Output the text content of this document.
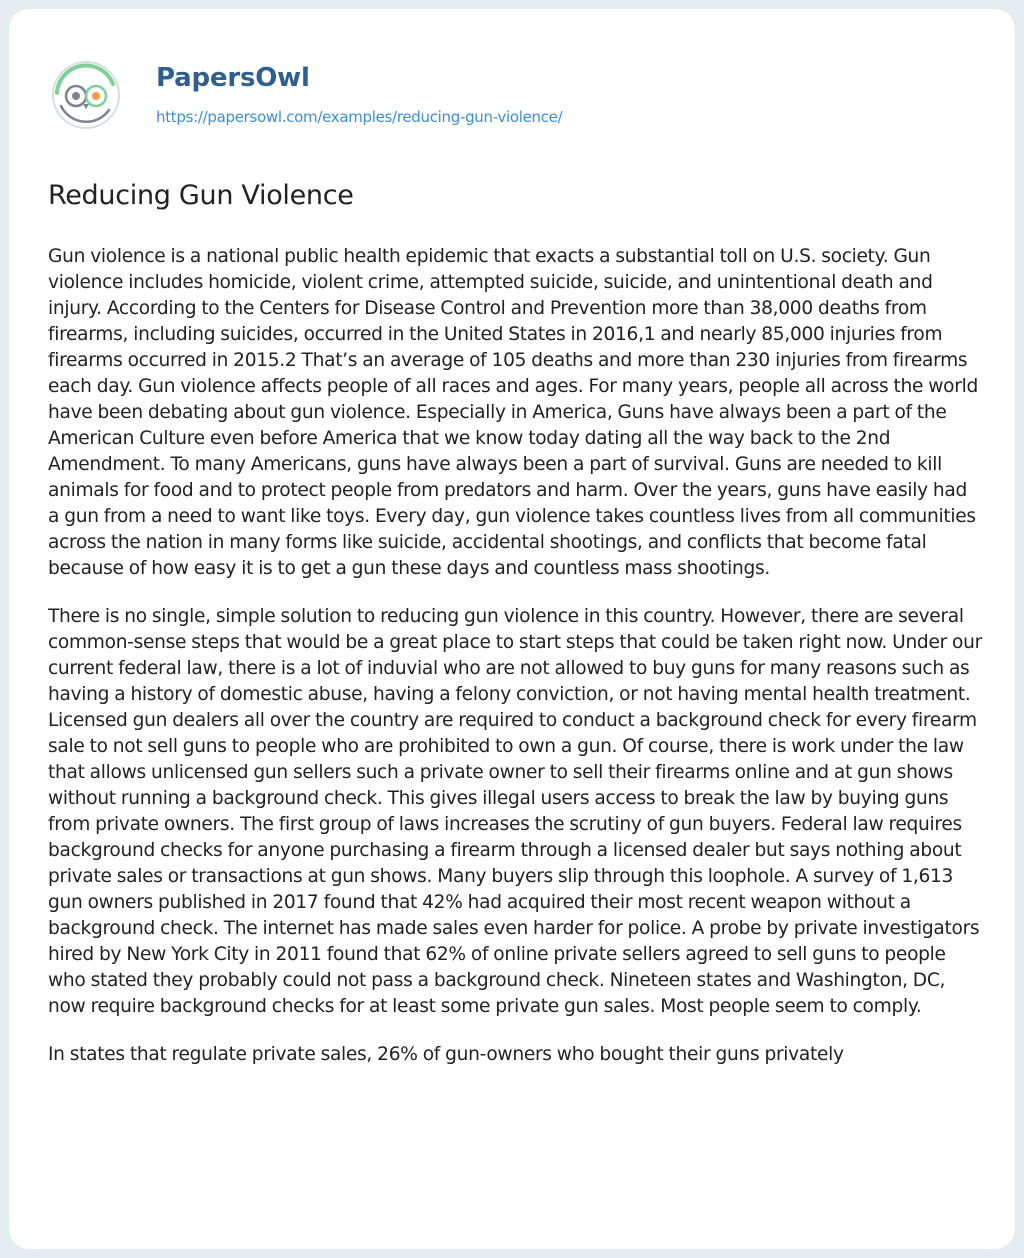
PapersOwl
https://papersowl.com/examples/reducing-gun-violence/
Reducing Gun Violence

Gun violence is a national public health epidemic that exacts a substantial toll on U.S. society. Gun violence includes homicide, violent crime, attempted suicide, suicide, and unintentional death and injury. According to the Centers for Disease Control and Prevention more than 38,000 deaths from firearms, including suicides, occurred in the United States in 2016,1 and nearly 85,000 injuries from firearms occurred in 2015.2 That’s an average of 105 deaths and more than 230 injuries from firearms each day. Gun violence affects people of all races and ages. For many years, people all across the world have been debating about gun violence. Especially in America, Guns have always been a part of the American Culture even before America that we know today dating all the way back to the 2nd Amendment. To many Americans, guns have always been a part of survival. Guns are needed to kill animals for food and to protect people from predators and harm. Over the years, guns have easily had a gun from a need to want like toys. Every day, gun violence takes countless lives from all communities across the nation in many forms like suicide, accidental shootings, and conflicts that become fatal because of how easy it is to get a gun these days and countless mass shootings.

There is no single, simple solution to reducing gun violence in this country. However, there are several common-sense steps that would be a great place to start steps that could be taken right now. Under our current federal law, there is a lot of induvial who are not allowed to buy guns for many reasons such as having a history of domestic abuse, having a felony conviction, or not having mental health treatment. Licensed gun dealers all over the country are required to conduct a background check for every firearm sale to not sell guns to people who are prohibited to own a gun. Of course, there is work under the law that allows unlicensed gun sellers such a private owner to sell their firearms online and at gun shows without running a background check. This gives illegal users access to break the law by buying guns from private owners. The first group of laws increases the scrutiny of gun buyers. Federal law requires background checks for anyone purchasing a firearm through a licensed dealer but says nothing about private sales or transactions at gun shows. Many buyers slip through this loophole. A survey of 1,613 gun owners published in 2017 found that 42% had acquired their most recent weapon without a background check. The internet has made sales even harder for police. A probe by private investigators hired by New York City in 2011 found that 62% of online private sellers agreed to sell guns to people who stated they probably could not pass a background check. Nineteen states and Washington, DC, now require background checks for at least some private gun sales. Most people seem to comply.

In states that regulate private sales, 26% of gun-owners who bought their guns privately
